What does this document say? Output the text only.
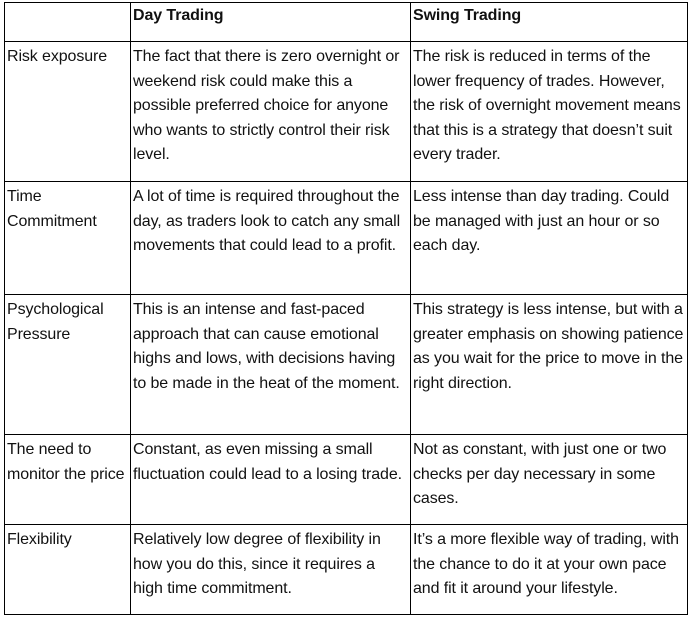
	Day Trading	Swing Trading
Risk exposure	The fact that there is zero overnight or weekend risk could make this a possible preferred choice for anyone who wants to strictly control their risk level.	The risk is reduced in terms of the lower frequency of trades. However, the risk of overnight movement means that this is a strategy that doesn’t suit every trader.
Time Commitment	A lot of time is required throughout the day, as traders look to catch any small movements that could lead to a profit.	Less intense than day trading. Could be managed with just an hour or so each day.
Psychological Pressure	This is an intense and fast-paced approach that can cause emotional highs and lows, with decisions having to be made in the heat of the moment.	This strategy is less intense, but with a greater emphasis on showing patience as you wait for the price to move in the right direction.
The need to monitor the price	Constant, as even missing a small fluctuation could lead to a losing trade.	Not as constant, with just one or two checks per day necessary in some cases.
Flexibility	Relatively low degree of flexibility in how you do this, since it requires a high time commitment.	It’s a more flexible way of trading, with the chance to do it at your own pace and fit it around your lifestyle.
